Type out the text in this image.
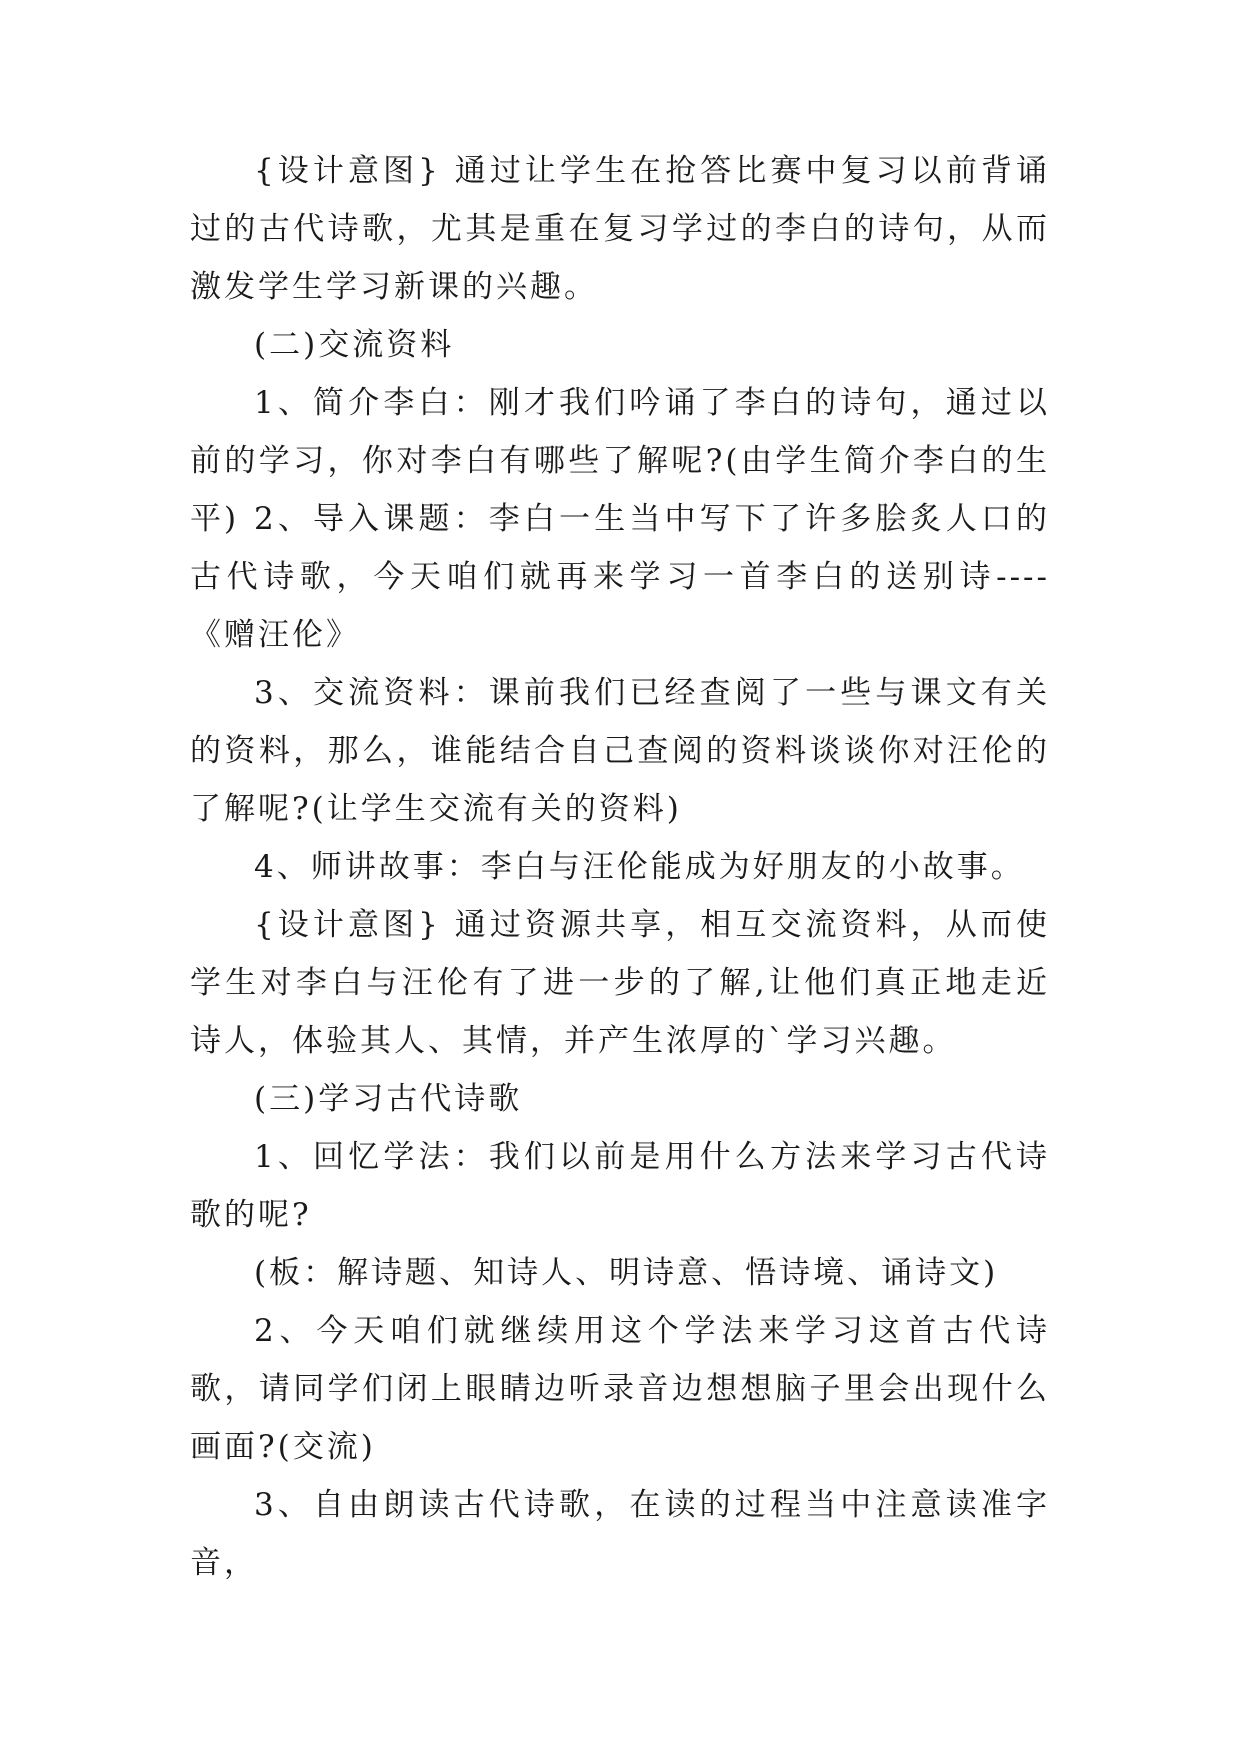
{设计意图} 通过让学生在抢答比赛中复习以前背诵过的古代诗歌，尤其是重在复习学过的李白的诗句，从而激发学生学习新课的兴趣。

(二)交流资料

1、简介李白：刚才我们吟诵了李白的诗句，通过以前的学习，你对李白有哪些了解呢?(由学生简介李白的生平) 2、导入课题：李白一生当中写下了许多脍炙人口的古代诗歌，今天咱们就再来学习一首李白的送别诗----《赠汪伦》

3、交流资料：课前我们已经查阅了一些与课文有关的资料，那么，谁能结合自己查阅的资料谈谈你对汪伦的了解呢?(让学生交流有关的资料)

4、师讲故事：李白与汪伦能成为好朋友的小故事。

{设计意图} 通过资源共享，相互交流资料，从而使学生对李白与汪伦有了进一步的了解,让他们真正地走近诗人，体验其人、其情，并产生浓厚的`学习兴趣。

(三)学习古代诗歌

1、回忆学法：我们以前是用什么方法来学习古代诗歌的呢?

(板：解诗题、知诗人、明诗意、悟诗境、诵诗文)

2、今天咱们就继续用这个学法来学习这首古代诗歌，请同学们闭上眼睛边听录音边想想脑子里会出现什么画面?(交流)

3、自由朗读古代诗歌，在读的过程当中注意读准字音，
